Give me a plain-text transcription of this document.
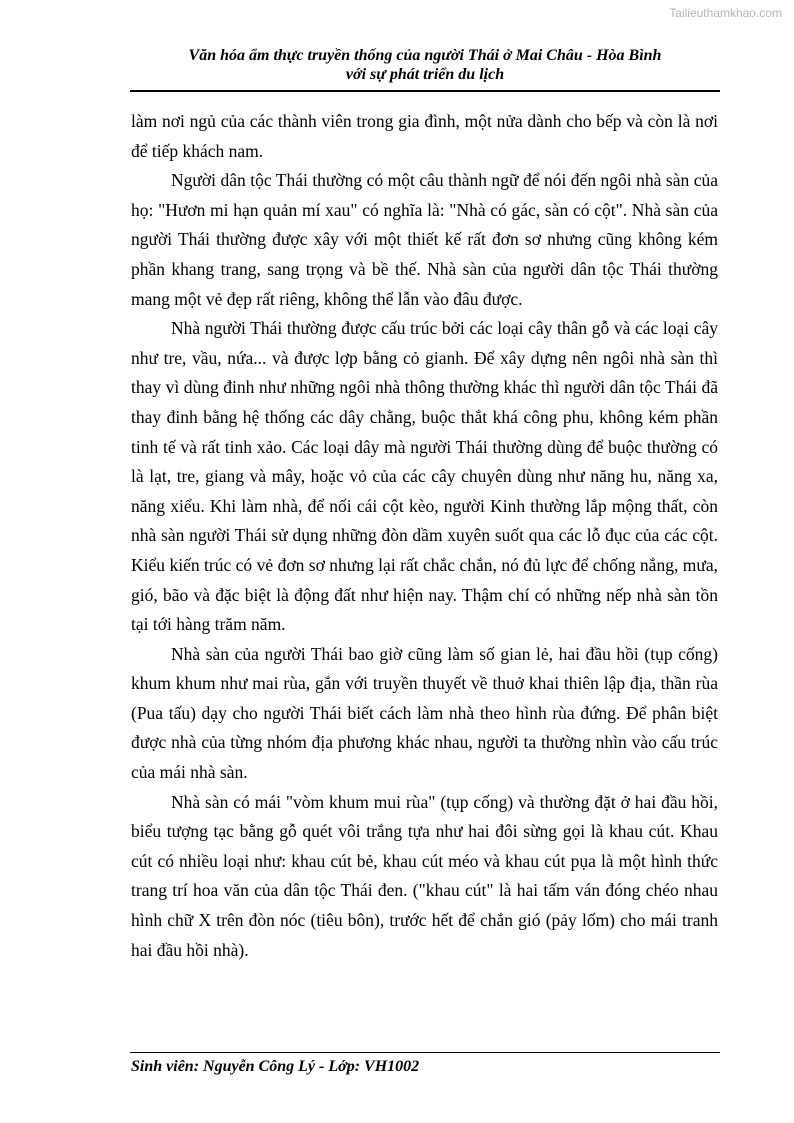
Tailieuthamkhao.com
Văn hóa ẩm thực truyền thống của người Thái ở Mai Châu - Hòa Bình
với sự phát triển du lịch

làm nơi ngủ của các thành viên trong gia đình, một nửa dành cho bếp và còn là nơi để tiếp khách nam.

Người dân tộc Thái thường có một câu thành ngữ để nói đến ngôi nhà sàn của họ: "Hươn mi hạn quản mí xau" có nghĩa là: "Nhà có gác, sàn có cột". Nhà sàn của người Thái thường được xây với một thiết kế rất đơn sơ nhưng cũng không kém phần khang trang, sang trọng và bề thế. Nhà sàn của người dân tộc Thái thường mang một vẻ đẹp rất riêng, không thể lẫn vào đâu được.

Nhà người Thái thường được cấu trúc bởi các loại cây thân gỗ và các loại cây như tre, vầu, nứa... và được lợp bằng cỏ gianh. Để xây dựng nên ngôi nhà sàn thì thay vì dùng đinh như những ngôi nhà thông thường khác thì người dân tộc Thái đã thay đinh bằng hệ thống các dây chằng, buộc thắt khá công phu, không kém phần tinh tế và rất tinh xảo. Các loại dây mà người Thái thường dùng để buộc thường có là lạt, tre, giang và mây, hoặc vỏ của các cây chuyên dùng như năng hu, năng xa, năng xiểu. Khi làm nhà, để nối cái cột kèo, người Kinh thường lắp mộng thất, còn nhà sàn người Thái sử dụng những đòn dầm xuyên suốt qua các lỗ đục của các cột. Kiểu kiến trúc có vẻ đơn sơ nhưng lại rất chắc chắn, nó đủ lực để chống nắng, mưa, gió, bão và đặc biệt là động đất như hiện nay. Thậm chí có những nếp nhà sàn tồn tại tới hàng trăm năm.

Nhà sàn của người Thái bao giờ cũng làm số gian lẻ, hai đầu hồi (tụp cống) khum khum như mai rùa, gắn với truyền thuyết về thuở khai thiên lập địa, thần rùa (Pua tấu) dạy cho người Thái biết cách làm nhà theo hình rùa đứng. Để phân biệt được nhà của từng nhóm địa phương khác nhau, người ta thường nhìn vào cấu trúc của mái nhà sàn.

Nhà sàn có mái "vòm khum mui rùa" (tụp cống) và thường đặt ở hai đầu hồi, biểu tượng tạc bằng gỗ quét vôi trắng tựa như hai đôi sừng gọi là khau cút. Khau cút có nhiều loại như: khau cút bẻ, khau cút méo và khau cút pụa là một hình thức trang trí hoa văn của dân tộc Thái đen. ("khau cút" là hai tấm ván đóng chéo nhau hình chữ X trên đòn nóc (tiêu bôn), trước hết để chắn gió (pảy lốm) cho mái tranh hai đầu hồi nhà).

Sinh viên: Nguyễn Công Lý - Lớp: VH1002
